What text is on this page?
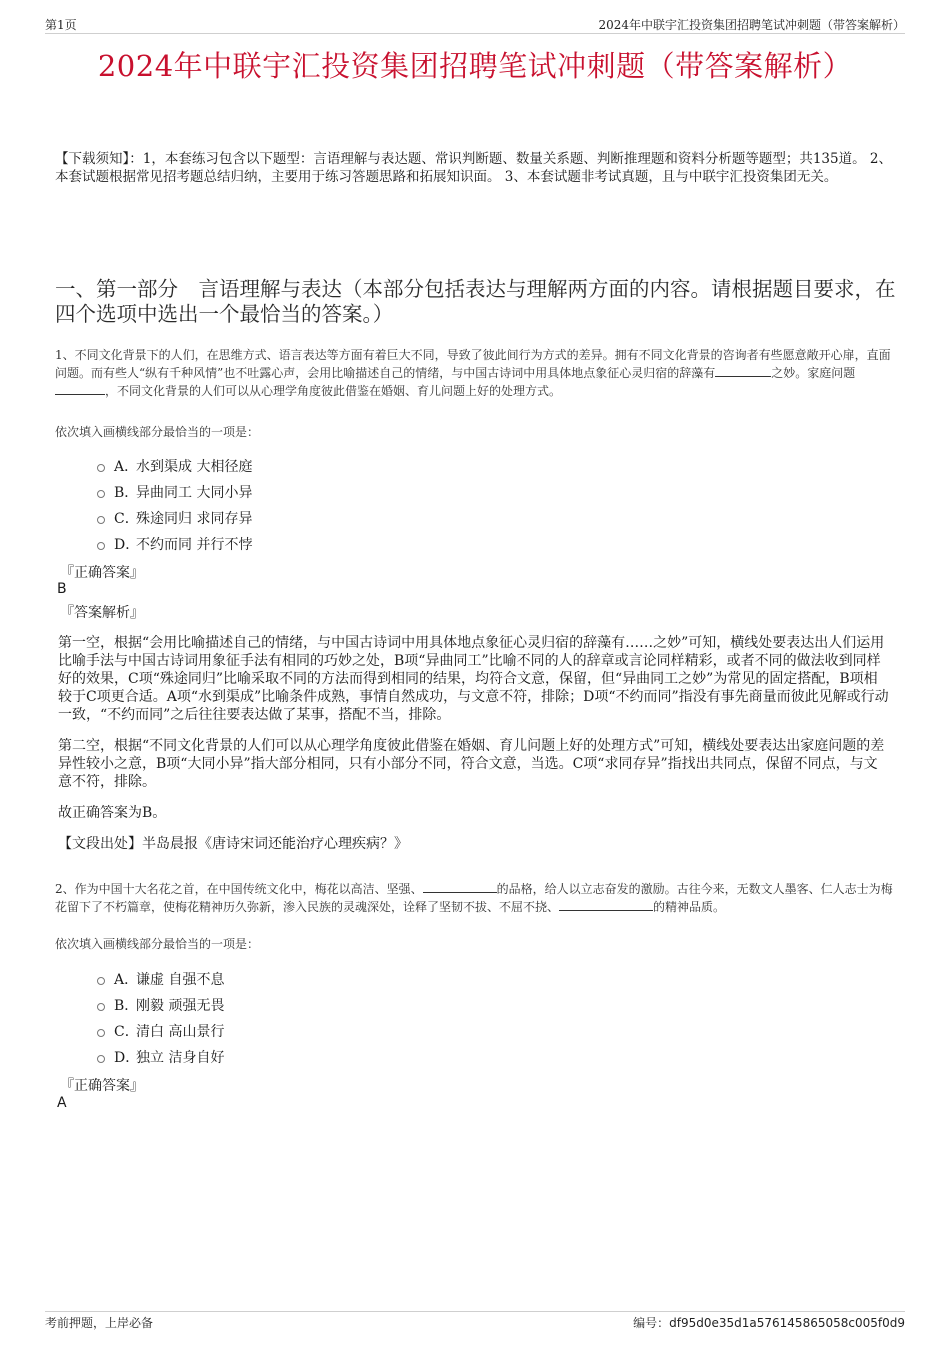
第1页	2024年中联宇汇投资集团招聘笔试冲刺题（带答案解析）
2024年中联宇汇投资集团招聘笔试冲刺题（带答案解析）
【下载须知】：1，本套练习包含以下题型：言语理解与表达题、常识判断题、数量关系题、判断推理题和资料分析题等题型；共135道。 2、本套试题根据常见招考题总结归纳，主要用于练习答题思路和拓展知识面。 3、本套试题非考试真题，且与中联宇汇投资集团无关。
一、第一部分　言语理解与表达（本部分包括表达与理解两方面的内容。请根据题目要求，在四个选项中选出一个最恰当的答案。）
1、不同文化背景下的人们，在思维方式、语言表达等方面有着巨大不同，导致了彼此间行为方式的差异。拥有不同文化背景的咨询者有些愿意敞开心扉，直面问题。而有些人“纵有千种风情”也不吐露心声，会用比喻描述自己的情绪，与中国古诗词中用具体地点象征心灵归宿的辞藻有	之妙。家庭问题，不同文化背景的人们可以从心理学角度彼此借鉴在婚姻、育儿问题上好的处理方式。
依次填入画横线部分最恰当的一项是：
A．
水到渠成 大相径庭
B．
异曲同工 大同小异
C．
殊途同归 求同存异
D．
不约而同 并行不悖
『正确答案』
B
『答案解析』

第一空，根据“会用比喻描述自己的情绪，与中国古诗词中用具体地点象征心灵归宿的辞藻有……之妙”可知，横线处要表达出人们运用比喻手法与中国古诗词用象征手法有相同的巧妙之处，B项“异曲同工”比喻不同的人的辞章或言论同样精彩，或者不同的做法收到同样好的效果，C项“殊途同归”比喻采取不同的方法而得到相同的结果，均符合文意，保留，但“异曲同工之妙”为常见的固定搭配，B项相较于C项更合适。A项“水到渠成”比喻条件成熟，事情自然成功，与文意不符，排除；D项“不约而同”指没有事先商量而彼此见解或行动一致，“不约而同”之后往往要表达做了某事，搭配不当，排除。

第二空，根据“不同文化背景的人们可以从心理学角度彼此借鉴在婚姻、育儿问题上好的处理方式”可知，横线处要表达出家庭问题的差异性较小之意，B项“大同小异”指大部分相同，只有小部分不同，符合文意，当选。C项“求同存异”指找出共同点，保留不同点，与文意不符，排除。

故正确答案为B。

【文段出处】半岛晨报《唐诗宋词还能治疗心理疾病？》

2、作为中国十大名花之首，在中国传统文化中，梅花以高洁、坚强、	的品格，给人以立志奋发的激励。古往今来，无数文人墨客、仁人志士为梅花留下了不朽篇章，使梅花精神历久弥新，渗入民族的灵魂深处，诠释了坚韧不拔、不屈不挠、	的精神品质。
依次填入画横线部分最恰当的一项是：
A．
谦虚 自强不息
B．
刚毅 顽强无畏
C．
清白 高山景行
D．
独立 洁身自好
『正确答案』
A
考前押题，上岸必备	编号：df95d0e35d1a576145865058c005f0d9
